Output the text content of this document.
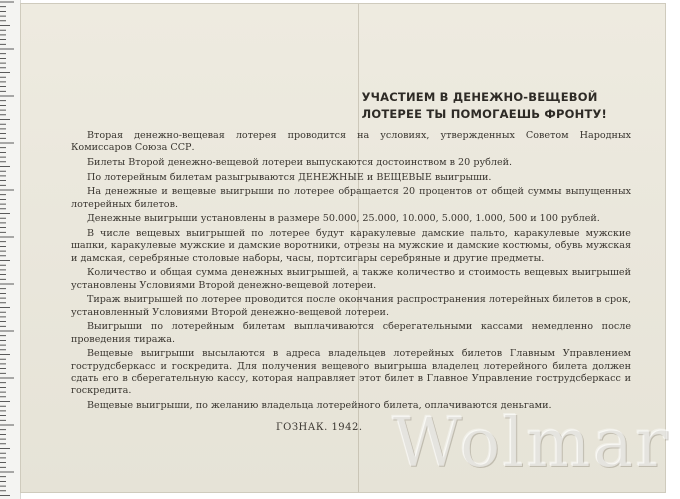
УЧАСТИЕМ В ДЕНЕЖНО-ВЕЩЕВОЙ
ЛОТЕРЕЕ ТЫ ПОМОГАЕШЬ ФРОНТУ!

Вторая денежно-вещевая лотерея проводится на условиях, утвержденных Советом Народных Комиссаров Союза ССР.

Билеты Второй денежно-вещевой лотереи выпускаются достоинством в 20 рублей.

По лотерейным билетам разыгрываются ДЕНЕЖНЫЕ и ВЕЩЕВЫЕ выигрыши.

На денежные и вещевые выигрыши по лотерее обращается 20 процентов от общей суммы выпущенных лотерейных билетов.

Денежные выигрыши установлены в размере 50.000, 25.000, 10.000, 5.000, 1.000, 500 и 100 рублей.

В числе вещевых выигрышей по лотерее будут каракулевые дамские пальто, каракулевые мужские шапки, каракулевые мужские и дамские воротники, отрезы на мужские и дамские костюмы, обувь мужская и дамская, серебряные столовые наборы, часы, портсигары серебряные и другие предметы.

Количество и общая сумма денежных выигрышей, а также количество и стоимость вещевых выигрышей установлены Условиями Второй денежно-вещевой лотереи.

Тираж выигрышей по лотерее проводится после окончания распространения лотерейных билетов в срок, установленный Условиями Второй денежно-вещевой лотереи.

Выигрыши по лотерейным билетам выплачиваются сберегательными кассами немедленно после проведения тиража.

Вещевые выигрыши высылаются в адреса владельцев лотерейных билетов Главным Управлением гострудсберкасс и госкредита. Для получения вещевого выигрыша владелец лотерейного билета должен сдать его в сберегательную кассу, которая направляет этот билет в Главное Управление гострудсберкасс и госкредита.

Вещевые выигрыши, по желанию владельца лотерейного билета, оплачиваются деньгами.

ГОЗНАК. 1942. Wolmar
